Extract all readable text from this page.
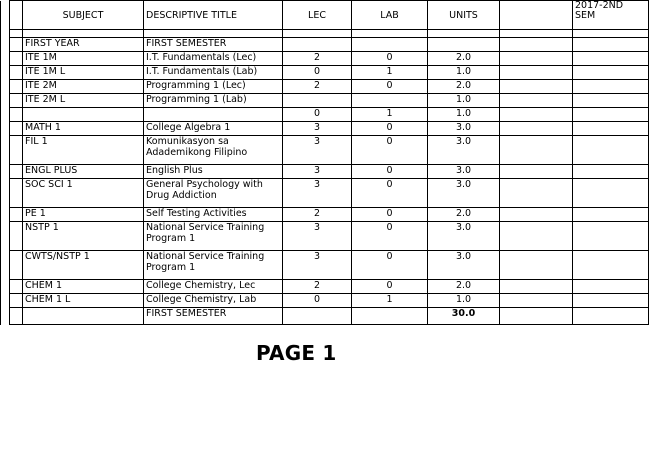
		SUBJECT	DESCRIPTIVE TITLE	LEC	LAB	UNITS		2017-2ND SEM

		FIRST YEAR	FIRST SEMESTER					
		ITE 1M	I.T. Fundamentals (Lec)	2	0	2.0		
		ITE 1M L	I.T. Fundamentals (Lab)	0	1	1.0		
		ITE 2M	Programming 1 (Lec)	2	0	2.0		
		ITE 2M L	Programming 1 (Lab)			1.0		
				0	1	1.0		
		MATH 1	College Algebra 1	3	0	3.0		
		FIL 1	Komunikasyon sa Adademikong Filipino	3	0	3.0		
		ENGL PLUS	English Plus	3	0	3.0		
		SOC SCI 1	General Psychology with Drug Addiction	3	0	3.0		
		PE 1	Self Testing Activities	2	0	2.0		
		NSTP 1	National Service Training Program 1	3	0	3.0		
		CWTS/NSTP 1	National Service Training Program 1	3	0	3.0		
		CHEM 1	College Chemistry, Lec	2	0	2.0		
		CHEM 1 L	College Chemistry, Lab	0	1	1.0		
			FIRST SEMESTER			30.0		
PAGE 1
